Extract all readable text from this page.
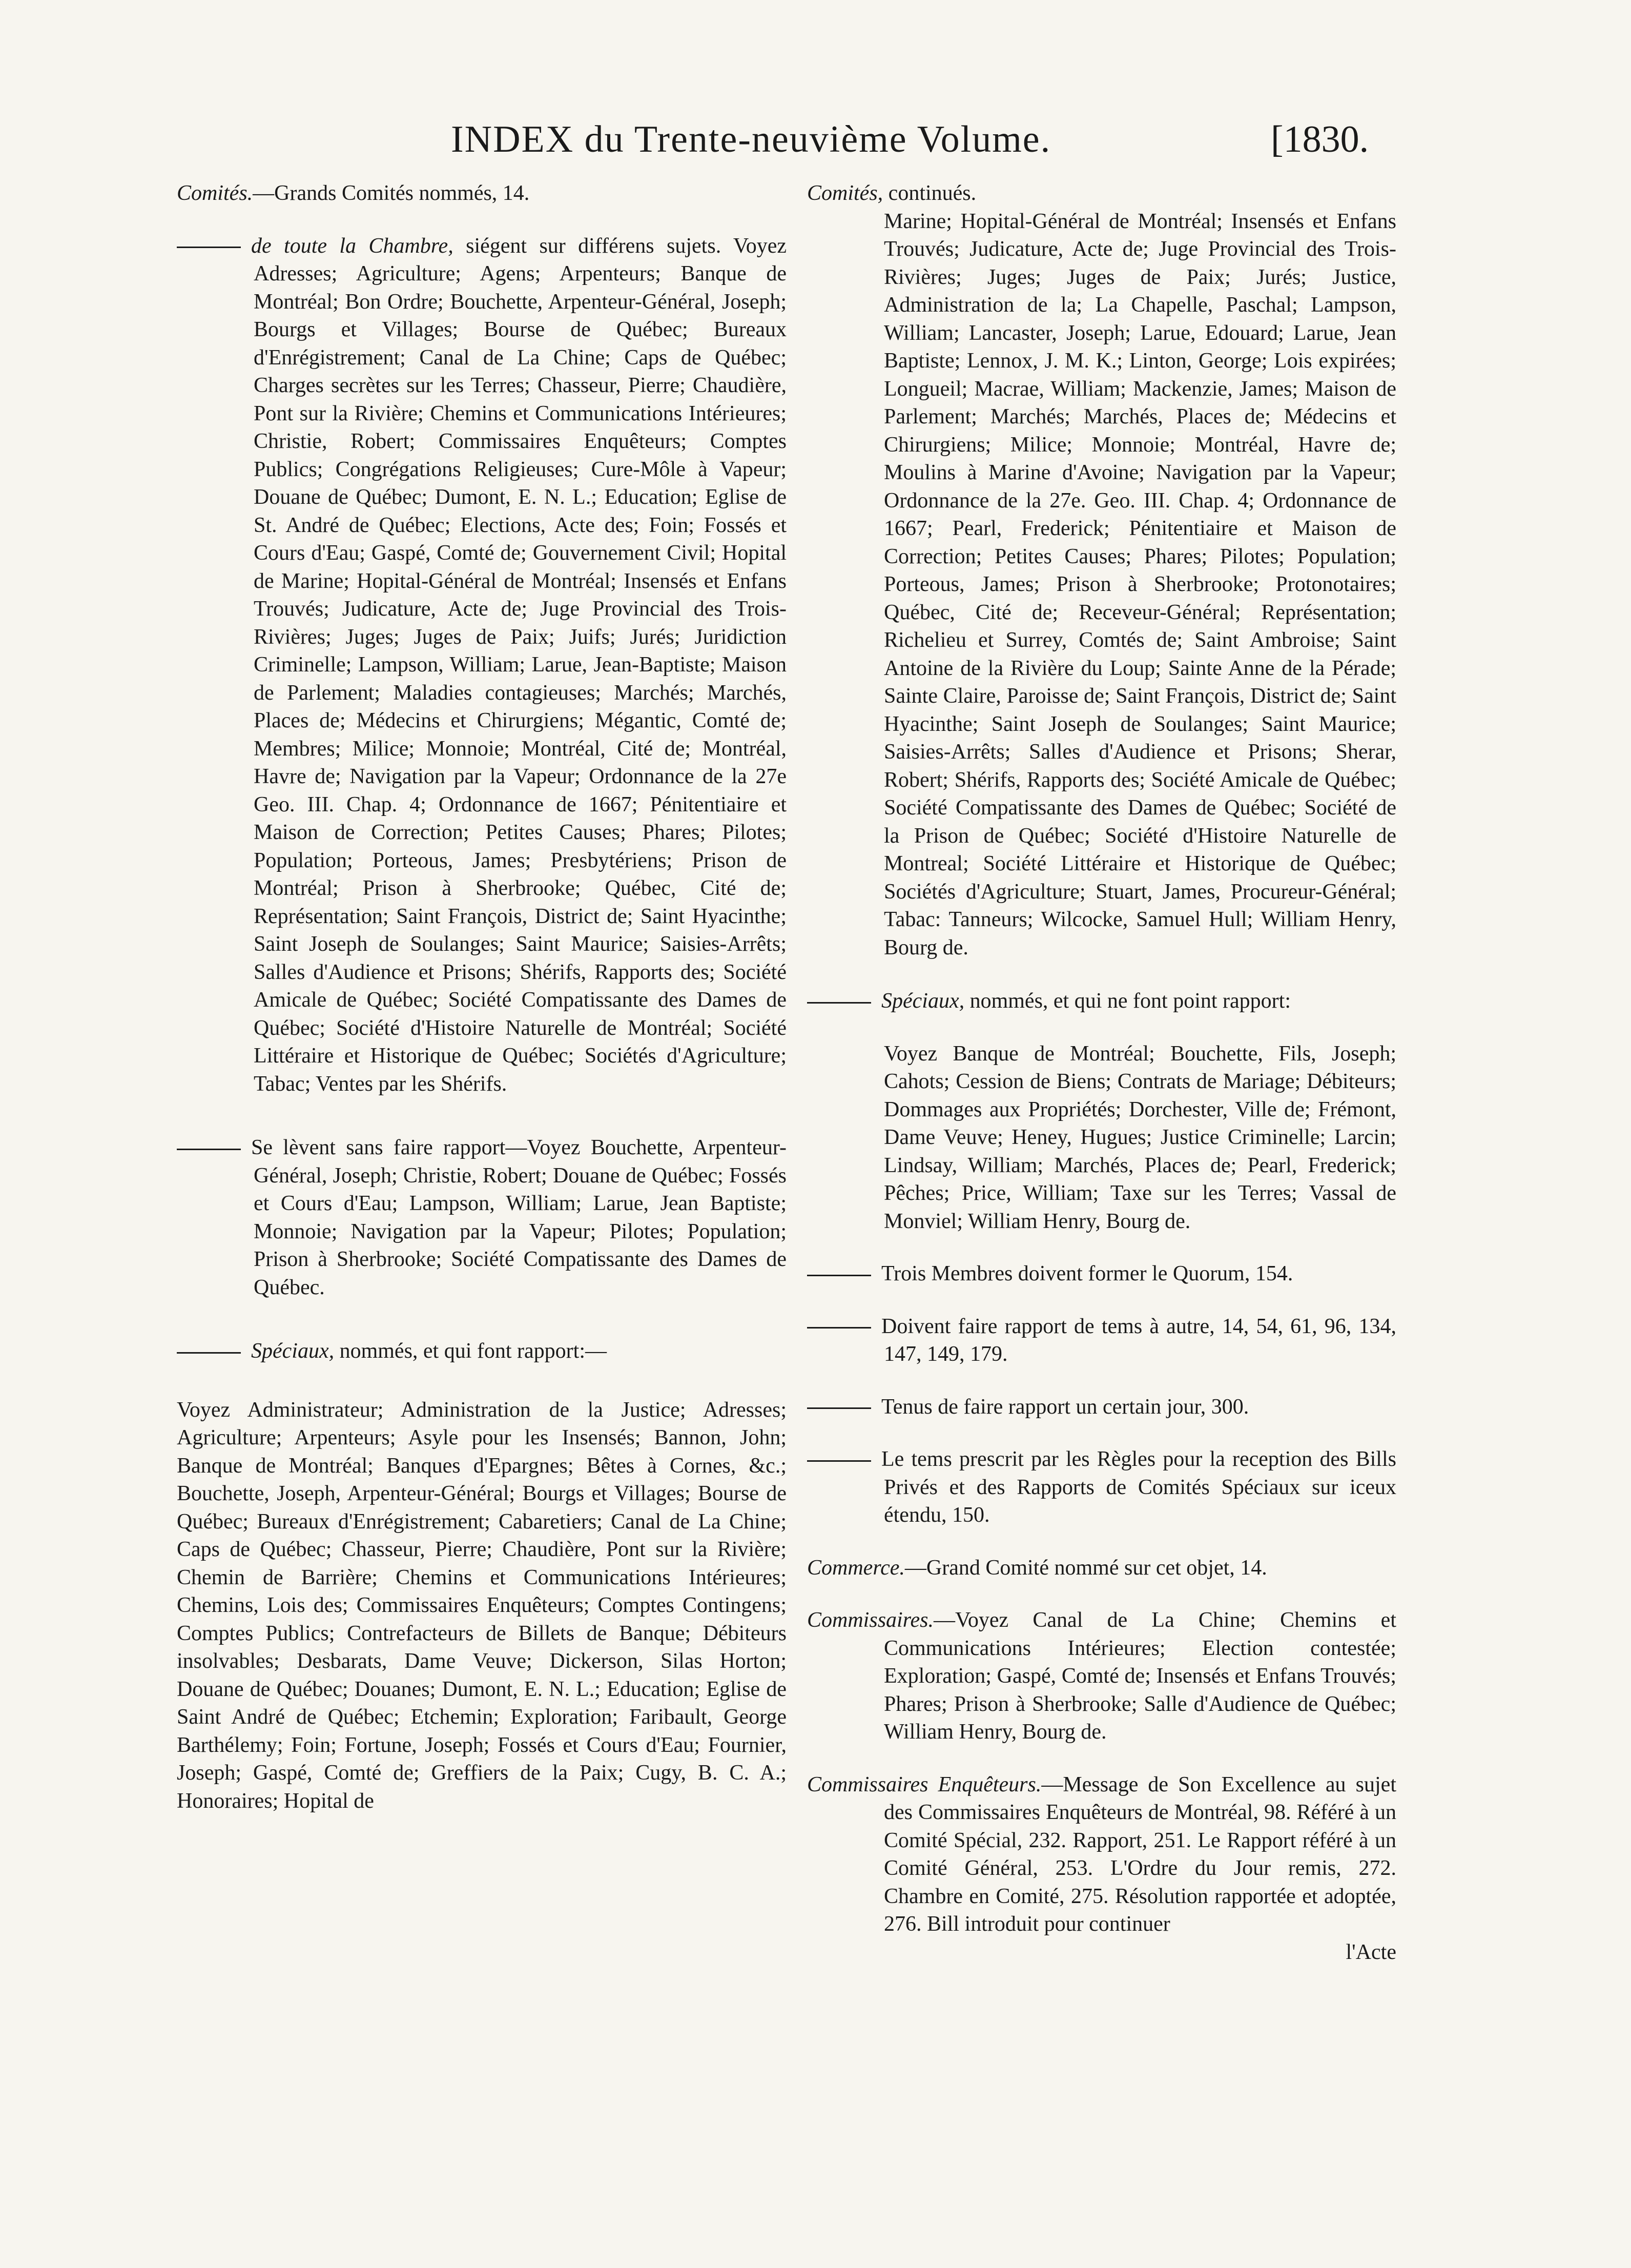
INDEX du Trente-neuvième Volume.	[1830.
Comités.—Grands Comités nommés, 14.
de toute la Chambre, siégent sur différens sujets. Voyez Adresses; Agriculture; Agens; Arpenteurs; Banque de Montréal; Bon Ordre; Bouchette, Arpenteur-Général, Joseph; Bourgs et Villages; Bourse de Québec; Bureaux d'Enrégistrement; Canal de La Chine; Caps de Québec; Charges secrètes sur les Terres; Chasseur, Pierre; Chaudière, Pont sur la Rivière; Chemins et Communications Intérieures; Christie, Robert; Commissaires Enquêteurs; Comptes Publics; Congrégations Religieuses; Cure-Môle à Vapeur; Douane de Québec; Dumont, E. N. L.; Education; Eglise de St. André de Québec; Elections, Acte des; Foin; Fossés et Cours d'Eau; Gaspé, Comté de; Gouvernement Civil; Hopital de Marine; Hopital-Général de Montréal; Insensés et Enfans Trouvés; Judicature, Acte de; Juge Provincial des Trois-Rivières; Juges; Juges de Paix; Juifs; Jurés; Juridiction Criminelle; Lampson, William; Larue, Jean-Baptiste; Maison de Parlement; Maladies contagieuses; Marchés; Marchés, Places de; Médecins et Chirurgiens; Mégantic, Comté de; Membres; Milice; Monnoie; Montréal, Cité de; Montréal, Havre de; Navigation par la Vapeur; Ordonnance de la 27e Geo. III. Chap. 4; Ordonnance de 1667; Pénitentiaire et Maison de Correction; Petites Causes; Phares; Pilotes; Population; Porteous, James; Presbytériens; Prison de Montréal; Prison à Sherbrooke; Québec, Cité de; Représentation; Saint François, District de; Saint Hyacinthe; Saint Joseph de Soulanges; Saint Maurice; Saisies-Arrêts; Salles d'Audience et Prisons; Shérifs, Rapports des; Société Amicale de Québec; Société Compatissante des Dames de Québec; Société d'Histoire Naturelle de Montréal; Société Littéraire et Historique de Québec; Sociétés d'Agriculture; Tabac; Ventes par les Shérifs.
Se lèvent sans faire rapport—Voyez Bouchette, Arpenteur-Général, Joseph; Christie, Robert; Douane de Québec; Fossés et Cours d'Eau; Lampson, William; Larue, Jean Baptiste; Monnoie; Navigation par la Vapeur; Pilotes; Population; Prison à Sherbrooke; Société Compatissante des Dames de Québec.
Spéciaux, nommés, et qui font rapport:—
Voyez Administrateur; Administration de la Justice; Adresses; Agriculture; Arpenteurs; Asyle pour les Insensés; Bannon, John; Banque de Montréal; Banques d'Epargnes; Bêtes à Cornes, &c.; Bouchette, Joseph, Arpenteur-Général; Bourgs et Villages; Bourse de Québec; Bureaux d'Enrégistrement; Cabaretiers; Canal de La Chine; Caps de Québec; Chasseur, Pierre; Chaudière, Pont sur la Rivière; Chemin de Barrière; Chemins et Communications Intérieures; Chemins, Lois des; Commissaires Enquêteurs; Comptes Contingens; Comptes Publics; Contrefacteurs de Billets de Banque; Débiteurs insolvables; Desbarats, Dame Veuve; Dickerson, Silas Horton; Douane de Québec; Douanes; Dumont, E. N. L.; Education; Eglise de Saint André de Québec; Etchemin; Exploration; Faribault, George Barthélemy; Foin; Fortune, Joseph; Fossés et Cours d'Eau; Fournier, Joseph; Gaspé, Comté de; Greffiers de la Paix; Cugy, B. C. A.; Honoraires; Hopital de
Comités, continués.
Marine; Hopital-Général de Montréal; Insensés et Enfans Trouvés; Judicature, Acte de; Juge Provincial des Trois-Rivières; Juges; Juges de Paix; Jurés; Justice, Administration de la; La Chapelle, Paschal; Lampson, William; Lancaster, Joseph; Larue, Edouard; Larue, Jean Baptiste; Lennox, J. M. K.; Linton, George; Lois expirées; Longueil; Macrae, William; Mackenzie, James; Maison de Parlement; Marchés; Marchés, Places de; Médecins et Chirurgiens; Milice; Monnoie; Montréal, Havre de; Moulins à Marine d'Avoine; Navigation par la Vapeur; Ordonnance de la 27e. Geo. III. Chap. 4; Ordonnance de 1667; Pearl, Frederick; Pénitentiaire et Maison de Correction; Petites Causes; Phares; Pilotes; Population; Porteous, James; Prison à Sherbrooke; Protonotaires; Québec, Cité de; Receveur-Général; Représentation; Richelieu et Surrey, Comtés de; Saint Ambroise; Saint Antoine de la Rivière du Loup; Sainte Anne de la Pérade; Sainte Claire, Paroisse de; Saint François, District de; Saint Hyacinthe; Saint Joseph de Soulanges; Saint Maurice; Saisies-Arrêts; Salles d'Audience et Prisons; Sherar, Robert; Shérifs, Rapports des; Société Amicale de Québec; Société Compatissante des Dames de Québec; Société de la Prison de Québec; Société d'Histoire Naturelle de Montreal; Société Littéraire et Historique de Québec; Sociétés d'Agriculture; Stuart, James, Procureur-Général; Tabac: Tanneurs; Wilcocke, Samuel Hull; William Henry, Bourg de.
Spéciaux, nommés, et qui ne font point rapport:
Voyez Banque de Montréal; Bouchette, Fils, Joseph; Cahots; Cession de Biens; Contrats de Mariage; Débiteurs; Dommages aux Propriétés; Dorchester, Ville de; Frémont, Dame Veuve; Heney, Hugues; Justice Criminelle; Larcin; Lindsay, William; Marchés, Places de; Pearl, Frederick; Pêches; Price, William; Taxe sur les Terres; Vassal de Monviel; William Henry, Bourg de.
Trois Membres doivent former le Quorum, 154.
Doivent faire rapport de tems à autre, 14, 54, 61, 96, 134, 147, 149, 179.
Tenus de faire rapport un certain jour, 300.
Le tems prescrit par les Règles pour la reception des Bills Privés et des Rapports de Comités Spéciaux sur iceux étendu, 150.
Commerce.—Grand Comité nommé sur cet objet, 14.
Commissaires.—Voyez Canal de La Chine; Chemins et Communications Intérieures; Election contestée; Exploration; Gaspé, Comté de; Insensés et Enfans Trouvés; Phares; Prison à Sherbrooke; Salle d'Audience de Québec; William Henry, Bourg de.
Commissaires Enquêteurs.—Message de Son Excellence au sujet des Commissaires Enquêteurs de Montréal, 98. Référé à un Comité Spécial, 232. Rapport, 251. Le Rapport référé à un Comité Général, 253. L'Ordre du Jour remis, 272. Chambre en Comité, 275. Résolution rapportée et adoptée, 276. Bill introduit pour continuer
l'Acte
